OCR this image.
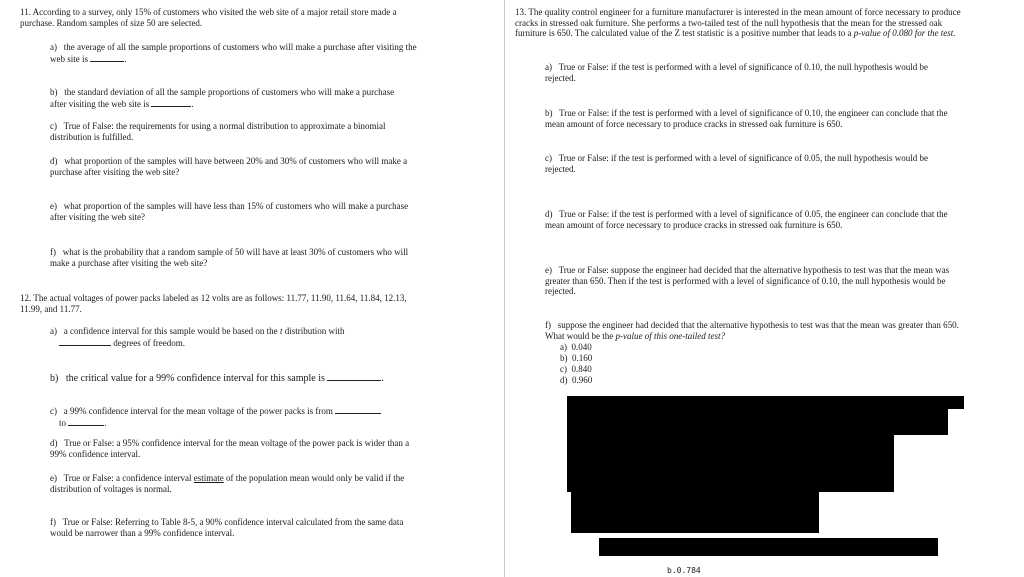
11. According to a survey, only 15% of customers who visited the web site of a major retail store made a purchase. Random samples of size 50 are selected.
a) the average of all the sample proportions of customers who will make a purchase after visiting the web site is	.
b) the standard deviation of all the sample proportions of customers who will make a purchase after visiting the web site is	.
c) True of False: the requirements for using a normal distribution to approximate a binomial distribution is fulfilled.
d) what proportion of the samples will have between 20% and 30% of customers who will make a purchase after visiting the web site?
e) what proportion of the samples will have less than 15% of customers who will make a purchase after visiting the web site?
f) what is the probability that a random sample of 50 will have at least 30% of customers who will make a purchase after visiting the web site?
12. The actual voltages of power packs labeled as 12 volts are as follows: 11.77, 11.90, 11.64, 11.84, 12.13, 11.99, and 11.77.
a) a confidence interval for this sample would be based on the t distribution with
degrees of freedom.
b) the critical value for a 99% confidence interval for this sample is	.
c) a 99% confidence interval for the mean voltage of the power packs is from
to	.
d) True or False: a 95% confidence interval for the mean voltage of the power pack is wider than a 99% confidence interval.
e) True or False: a confidence interval estimate of the population mean would only be valid if the distribution of voltages is normal.
f) True or False: Referring to Table 8-5, a 90% confidence interval calculated from the same data would be narrower than a 99% confidence interval.
13. The quality control engineer for a furniture manufacturer is interested in the mean amount of force necessary to produce cracks in stressed oak furniture. She performs a two-tailed test of the null hypothesis that the mean for the stressed oak furniture is 650. The calculated value of the Z test statistic is a positive number that leads to a p-value of 0.080 for the test.
a) True or False: if the test is performed with a level of significance of 0.10, the null hypothesis would be rejected.
b) True or False: if the test is performed with a level of significance of 0.10, the engineer can conclude that the mean amount of force necessary to produce cracks in stressed oak furniture is 650.
c) True or False: if the test is performed with a level of significance of 0.05, the null hypothesis would be rejected.
d) True or False: if the test is performed with a level of significance of 0.05, the engineer can conclude that the mean amount of force necessary to produce cracks in stressed oak furniture is 650.
e) True or False: suppose the engineer had decided that the alternative hypothesis to test was that the mean was greater than 650. Then if the test is performed with a level of significance of 0.10, the null hypothesis would be rejected.
f) suppose the engineer had decided that the alternative hypothesis to test was that the mean was greater than 650. What would be the p-value of this one-tailed test?
a) 0.040
b) 0.160
c) 0.840
d) 0.960
b.0.784
